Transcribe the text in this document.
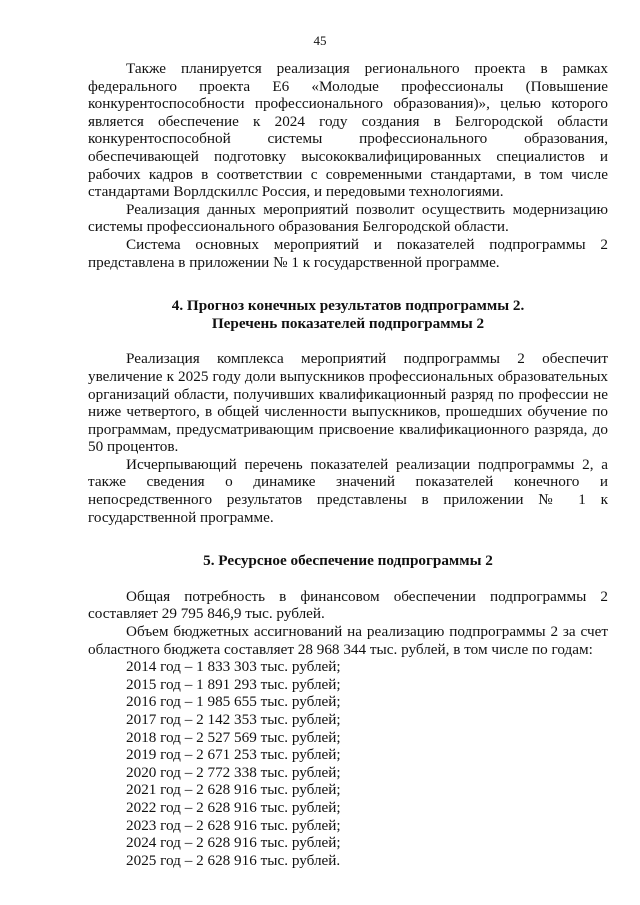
45

Также планируется реализация регионального проекта в рамках федерального проекта Е6 «Молодые профессионалы (Повышение конкурентоспособности профессионального образования)», целью которого является обеспечение к 2024 году создания в Белгородской области конкурентоспособной системы профессионального образования, обеспечивающей подготовку высококвалифицированных специалистов и рабочих кадров в соответствии с современными стандартами, в том числе стандартами Ворлдскиллс Россия, и передовыми технологиями.

Реализация данных мероприятий позволит осуществить модернизацию системы профессионального образования Белгородской области.

Система основных мероприятий и показателей подпрограммы 2 представлена в приложении № 1 к государственной программе.

4. Прогноз конечных результатов подпрограммы 2.
Перечень показателей подпрограммы 2

Реализация комплекса мероприятий подпрограммы 2 обеспечит увеличение к 2025 году доли выпускников профессиональных образовательных организаций области, получивших квалификационный разряд по профессии не ниже четвертого, в общей численности выпускников, прошедших обучение по программам, предусматривающим присвоение квалификационного разряда, до 50 процентов.

Исчерпывающий перечень показателей реализации подпрограммы 2, а также сведения о динамике значений показателей конечного и непосредственного результатов представлены в приложении № 1 к государственной программе.

5. Ресурсное обеспечение подпрограммы 2

Общая потребность в финансовом обеспечении подпрограммы 2 составляет 29 795 846,9 тыс. рублей.

Объем бюджетных ассигнований на реализацию подпрограммы 2 за счет областного бюджета составляет 28 968 344 тыс. рублей, в том числе по годам:

2014 год – 1 833 303 тыс. рублей;
2015 год – 1 891 293 тыс. рублей;
2016 год – 1 985 655 тыс. рублей;
2017 год – 2 142 353 тыс. рублей;
2018 год – 2 527 569 тыс. рублей;
2019 год – 2 671 253 тыс. рублей;
2020 год – 2 772 338 тыс. рублей;
2021 год – 2 628 916 тыс. рублей;
2022 год – 2 628 916 тыс. рублей;
2023 год – 2 628 916 тыс. рублей;
2024 год – 2 628 916 тыс. рублей;
2025 год – 2 628 916 тыс. рублей.
